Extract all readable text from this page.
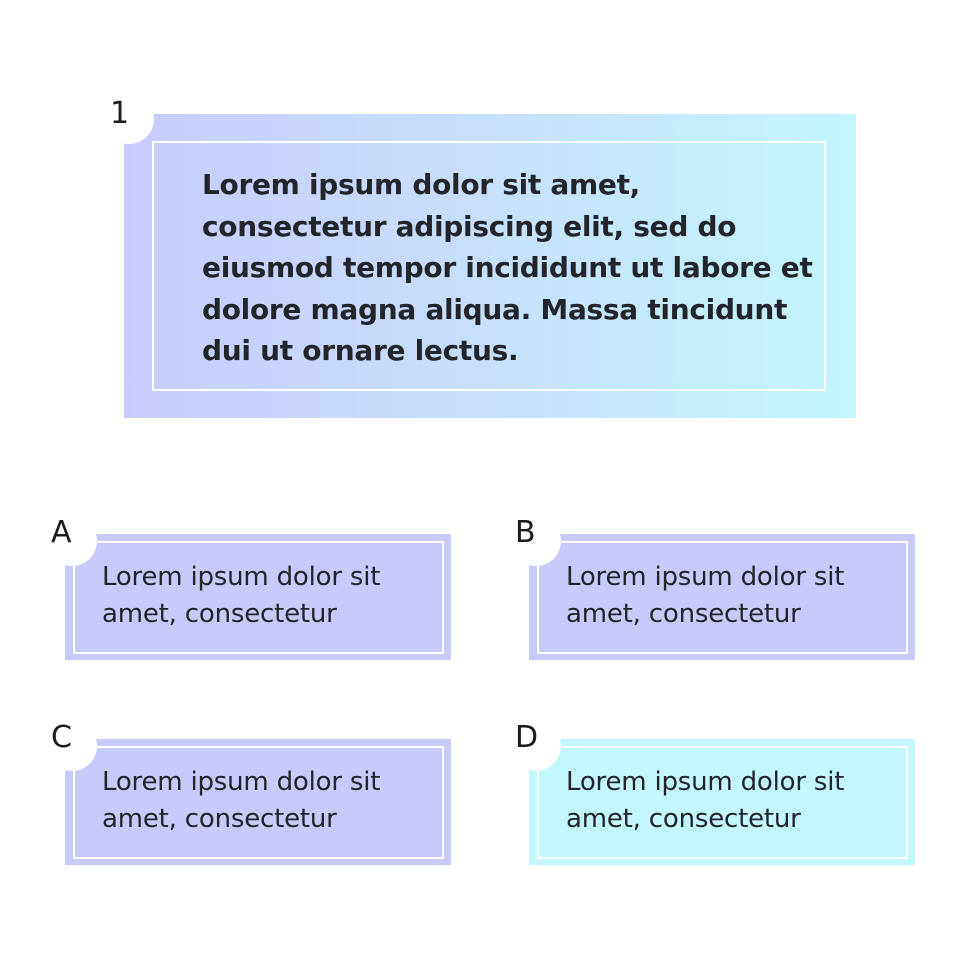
Lorem ipsum dolor sit amet, consectetur adipiscing elit, sed do eiusmod tempor incididunt ut labore et dolore magna aliqua. Massa tincidunt dui ut ornare lectus.

1

Lorem ipsum dolor sit amet, consectetur

A

Lorem ipsum dolor sit amet, consectetur

B

Lorem ipsum dolor sit amet, consectetur

C

Lorem ipsum dolor sit amet, consectetur

D
